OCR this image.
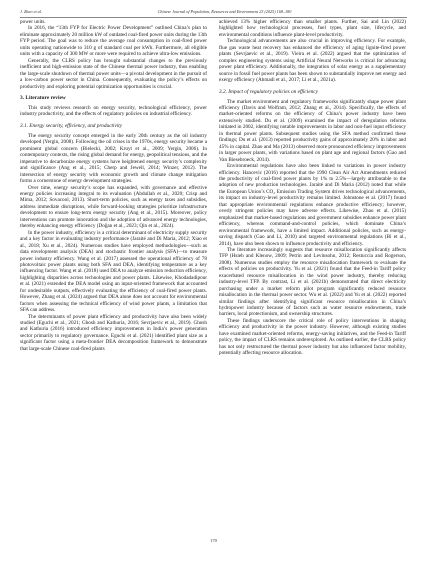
J. Zhao et al.	Chinese Journal of Population, Resources and Environment 23 (2025) 168–180

power units.

In 2016, the “13th FYP for Electric Power Development” outlined China’s plan to eliminate approximately 20 million kW of outdated coal-fired power units during the 13th FYP period. The goal was to reduce the average coal consumption in coal-fired power units operating nationwide to 310 g of standard coal per kWh. Furthermore, all eligible units with a capacity of 300 MW or more were required to achieve ultra-low emissions.

Generally, the CLRS policy has brought substantial changes to the previously inefficient and high-emission state of the Chinese thermal power industry, thus enabling the large-scale shutdown of thermal power units—a pivotal development in the pursuit of a low-carbon power sector in China. Consequently, evaluating the policy’s effects on productivity and exploring potential optimization opportunities is crucial.

3. Literature review

This study reviews research on energy security, technological efficiency, power industry productivity, and the effects of regulatory policies on industrial efficiency.

3.1. Energy security, efficiency, and productivity

The energy security concept emerged in the early 20th century as the oil industry developed (Yergin, 2008). Following the oil crises in the 1970s, energy security became a prominent global concern (Bielecki, 2002; Kruyt et al., 2009; Yergin, 2006). In contemporary contexts, the rising global demand for energy, geopolitical tensions, and the imperative to decarbonize energy systems have heightened energy security’s complexity and significance (Ang et al., 2015; Cherp and Jewell, 2014; Winzer, 2012). The intersection of energy security with economic growth and climate change mitigation forms a cornerstone of energy development strategies.

Over time, energy security’s scope has expanded, with governance and effective energy policies increasing integral to its evaluation (Abdullah et al., 2020; Crisp and Mima, 2012; Sovacool, 2013). Short-term policies, such as energy taxes and subsidies, address immediate disruptions, while forward-looking strategies prioritize infrastructure development to ensure long-term energy security (Ang et al., 2015). Moreover, policy interventions can promote innovation and the adoption of advanced energy technologies, thereby enhancing energy efficiency (Doğan et al., 2023; Qin et al., 2024).

In the power industry, efficiency is a critical determinant of electricity supply security and a key factor in evaluating industry performance (Jaraité and Di Maria, 2012; Xiao et al., 2018; Xu et al., 2024). Numerous studies have employed methodologies—such as data envelopment analysis (DEA) and stochastic frontier analysis (SFA)—to measure power industry efficiency. Wang et al. (2017) assessed the operational efficiency of 78 photovoltaic power plants using both SFA and DEA, identifying temperature as a key influencing factor. Wang et al. (2018) used DEA to analyze emission reduction efficiency, highlighting disparities across technologies and power plants. Likewise, Khodadadipour et al. (2021) extended the DEA model using an input-oriented framework that accounted for undesirable outputs, effectively evaluating the efficiency of coal-fired power plants. However, Zhang et al. (2024) argued that DEA alone does not account for environmental factors when assessing the technical efficiency of wind power plants, a limitation that SFA can address.

The determinants of power plant efficiency and productivity have also been widely studied (Eguchi et al., 2021; Ghosh and Kathuria, 2016; Sevrjaevic et al., 2019). Ghosh and Kathuria (2016) introduced efficiency improvements in India’s power generation sector primarily to regulatory governance. Eguchi et al. (2021) identified plant size as a significant factor using a meta-frontier DEA decomposition framework to demonstrate that large-scale Chinese coal-fired plants

achieved 13% higher efficiency than smaller plants. Further, Sai and Lin (2022) highlighted how technological processes, fuel types, plant size, lifecycle, and environmental conditions influence plant-level productivity.

Technological advancements are also crucial in improving efficiency. For example, flue gas waste heat recovery has enhanced the efficiency of aging lignite-fired power plants (Sevrjaevic et al., 2019). Vieira et al. (2022) argued that the optimization of complex engineering systems using Artificial Neural Networks is critical for advancing power plant efficiency. Additionally, the integration of solar energy as a supplementary source in fossil fuel power plants has been shown to substantially improve net energy and exergy efficiency (Ahmadi et al., 2017; Li et al., 2021a).

3.2. Impact of regulatory policies on efficiency

The market environment and regulatory frameworks significantly shape power plant efficiency (Davis and Wolfram, 2012; Zhang et al., 2014). Specifically, the effects of market-oriented reforms on the efficiency of China’s power industry have been extensively studied. Du et al. (2009) examined the impact of deregulation reforms initiated in 2002, identifying notable improvements in labor and non-fuel input efficiency in thermal power plants. Subsequent studies using the SFA method confirmed these findings; Du et al. (2013) reported productivity gains of approximately 20% in labor and 45% in capital. Zhao and Ma (2013) observed more pronounced efficiency improvements in larger power plants, with variations based on plant age and regional factors (Gao and Van Biesebroeck, 2014).

Environmental regulations have also been linked to variations in power industry efficiency. Hancevic (2016) reported that the 1990 Clean Air Act Amendments reduced the productivity of coal-fired power plants by 1% to 2.5%—largely attributable to the adoption of new production technologies. Jaraité and Di Maria (2012) noted that while the European Union’s CO₂ Emission Trading System drives technological advancements, its impact on industry-level productivity remains limited. Johnstone et al. (2017) found that appropriate environmental regulations enhance productive efficiency; however, overly stringent policies may have adverse effects. Likewise, Zhao et al. (2015) emphasized that market-based regulations and government subsidies enhance power plant efficiency, whereas command-and-control policies, which dominate China’s environmental framework, have a limited impact. Additional policies, such as energy-saving dispatch (Gao and Li, 2010) and targeted environmental regulations (Bi et al., 2014), have also been shown to influence productivity and efficiency.

The literature increasingly suggests that resource misallocation significantly affects TFP (Hsieh and Klenow, 2009; Petrin and Levinsohn, 2012; Restuccia and Rogerson, 2008). Numerous studies employ the resource misallocation framework to evaluate the effects of policies on productivity. Yu et al. (2021) found that the Feed-in Tariff policy exacerbated resource misallocation in the wind power industry, thereby reducing industry-level TFP. By contrast, Li et al. (2021b) demonstrated that direct electricity purchasing under a market reform pilot program significantly reduced resource misallocation in the thermal power sector. Wu et al. (2022) and Yu et al. (2022) reported similar findings after identifying significant resource misallocation in China’s hydropower industry because of factors such as water resource endowments, trade barriers, local protectionism, and ownership structures.

These findings underscore the critical role of policy interventions in shaping efficiency and productivity in the power industry. However, although existing studies have examined market-oriented reforms, energy-saving initiatives, and the Feed-in Tariff policy, the impact of CLRS remains underexplored. As outlined earlier, the CLRS policy has not only restructured the thermal power industry but also influenced factor mobility, potentially affecting resource allocation.

170
